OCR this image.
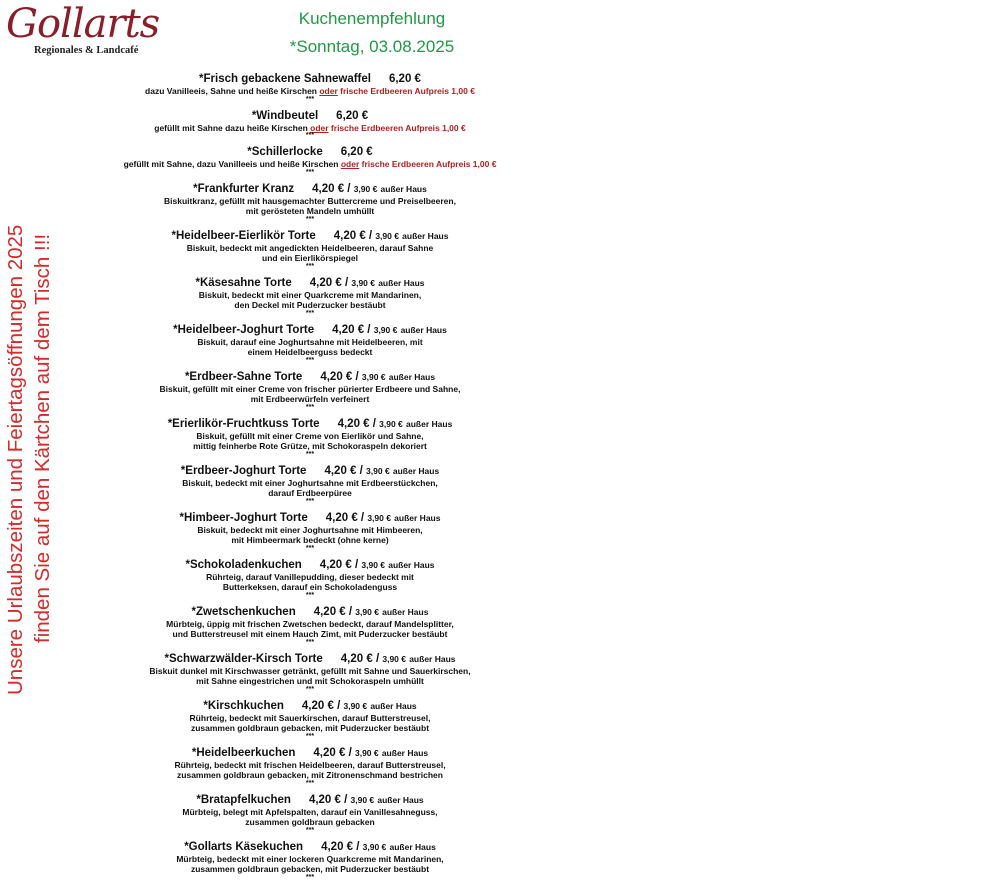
Gollarts
Regionales & Landcafé
Kuchenempfehlung
*Sonntag, 03.08.2025
Unsere Urlaubszeiten und Feiertagsöffnungen 2025 finden Sie auf den Kärtchen auf dem Tisch !!!
*Frisch gebackene Sahnewaffel 6,20 €
dazu Vanilleeis, Sahne und heiße Kirschen oder frische Erdbeeren Aufpreis 1,00 €
***
*Windbeutel 6,20 €
gefüllt mit Sahne dazu heiße Kirschen oder frische Erdbeeren Aufpreis 1,00 €
***
*Schillerlocke 6,20 €
gefüllt mit Sahne, dazu Vanilleeis und heiße Kirschen oder frische Erdbeeren Aufpreis 1,00 €
***
*Frankfurter Kranz 4,20 € / 3,90 € außer Haus
Biskuitkranz, gefüllt mit hausgemachter Buttercreme und Preiselbeeren,
mit gerösteten Mandeln umhüllt
***
*Heidelbeer-Eierlikör Torte 4,20 € / 3,90 € außer Haus
Biskuit, bedeckt mit angedickten Heidelbeeren, darauf Sahne
und ein Eierlikörspiegel
***
*Käsesahne Torte 4,20 € / 3,90 € außer Haus
Biskuit, bedeckt mit einer Quarkcreme mit Mandarinen,
den Deckel mit Puderzucker bestäubt
***
*Heidelbeer-Joghurt Torte 4,20 € / 3,90 € außer Haus
Biskuit, darauf eine Joghurtsahne mit Heidelbeeren, mit
einem Heidelbeerguss bedeckt
***
*Erdbeer-Sahne Torte 4,20 € / 3,90 € außer Haus
Biskuit, gefüllt mit einer Creme von frischer pürierter Erdbeere und Sahne,
mit Erdbeerwürfeln verfeinert
***
*Erierlikör-Fruchtkuss Torte 4,20 € / 3,90 € außer Haus
Biskuit, gefüllt mit einer Creme von Eierlikör und Sahne,
mittig feinherbe Rote Grütze, mit Schokoraspeln dekoriert
***
*Erdbeer-Joghurt Torte 4,20 € / 3,90 € außer Haus
Biskuit, bedeckt mit einer Joghurtsahne mit Erdbeerstückchen,
darauf Erdbeerpüree
***
*Himbeer-Joghurt Torte 4,20 € / 3,90 € außer Haus
Biskuit, bedeckt mit einer Joghurtsahne mit Himbeeren,
mit Himbeermark bedeckt (ohne kerne)
***
*Schokoladenkuchen 4,20 € / 3,90 € außer Haus
Rührteig, darauf Vanillepudding, dieser bedeckt mit
Butterkeksen, darauf ein Schokoladenguss
***
*Zwetschenkuchen 4,20 € / 3,90 € außer Haus
Mürbteig, üppig mit frischen Zwetschen bedeckt, darauf Mandelsplitter,
und Butterstreusel mit einem Hauch Zimt, mit Puderzucker bestäubt
***
*Schwarzwälder-Kirsch Torte 4,20 € / 3,90 € außer Haus
Biskuit dunkel mit Kirschwasser getränkt, gefüllt mit Sahne und Sauerkirschen,
mit Sahne eingestrichen und mit Schokoraspeln umhüllt
***
*Kirschkuchen 4,20 € / 3,90 € außer Haus
Rührteig, bedeckt mit Sauerkirschen, darauf Butterstreusel,
zusammen goldbraun gebacken, mit Puderzucker bestäubt
***
*Heidelbeerkuchen 4,20 € / 3,90 € außer Haus
Rührteig, bedeckt mit frischen Heidelbeeren, darauf Butterstreusel,
zusammen goldbraun gebacken, mit Zitronenschmand bestrichen
***
*Bratapfelkuchen 4,20 € / 3,90 € außer Haus
Mürbteig, belegt mit Apfelspalten, darauf ein Vanillesahneguss,
zusammen goldbraun gebacken
***
*Gollarts Käsekuchen 4,20 € / 3,90 € außer Haus
Mürbteig, bedeckt mit einer lockeren Quarkcreme mit Mandarinen,
zusammen goldbraun gebacken, mit Puderzucker bestäubt
***
